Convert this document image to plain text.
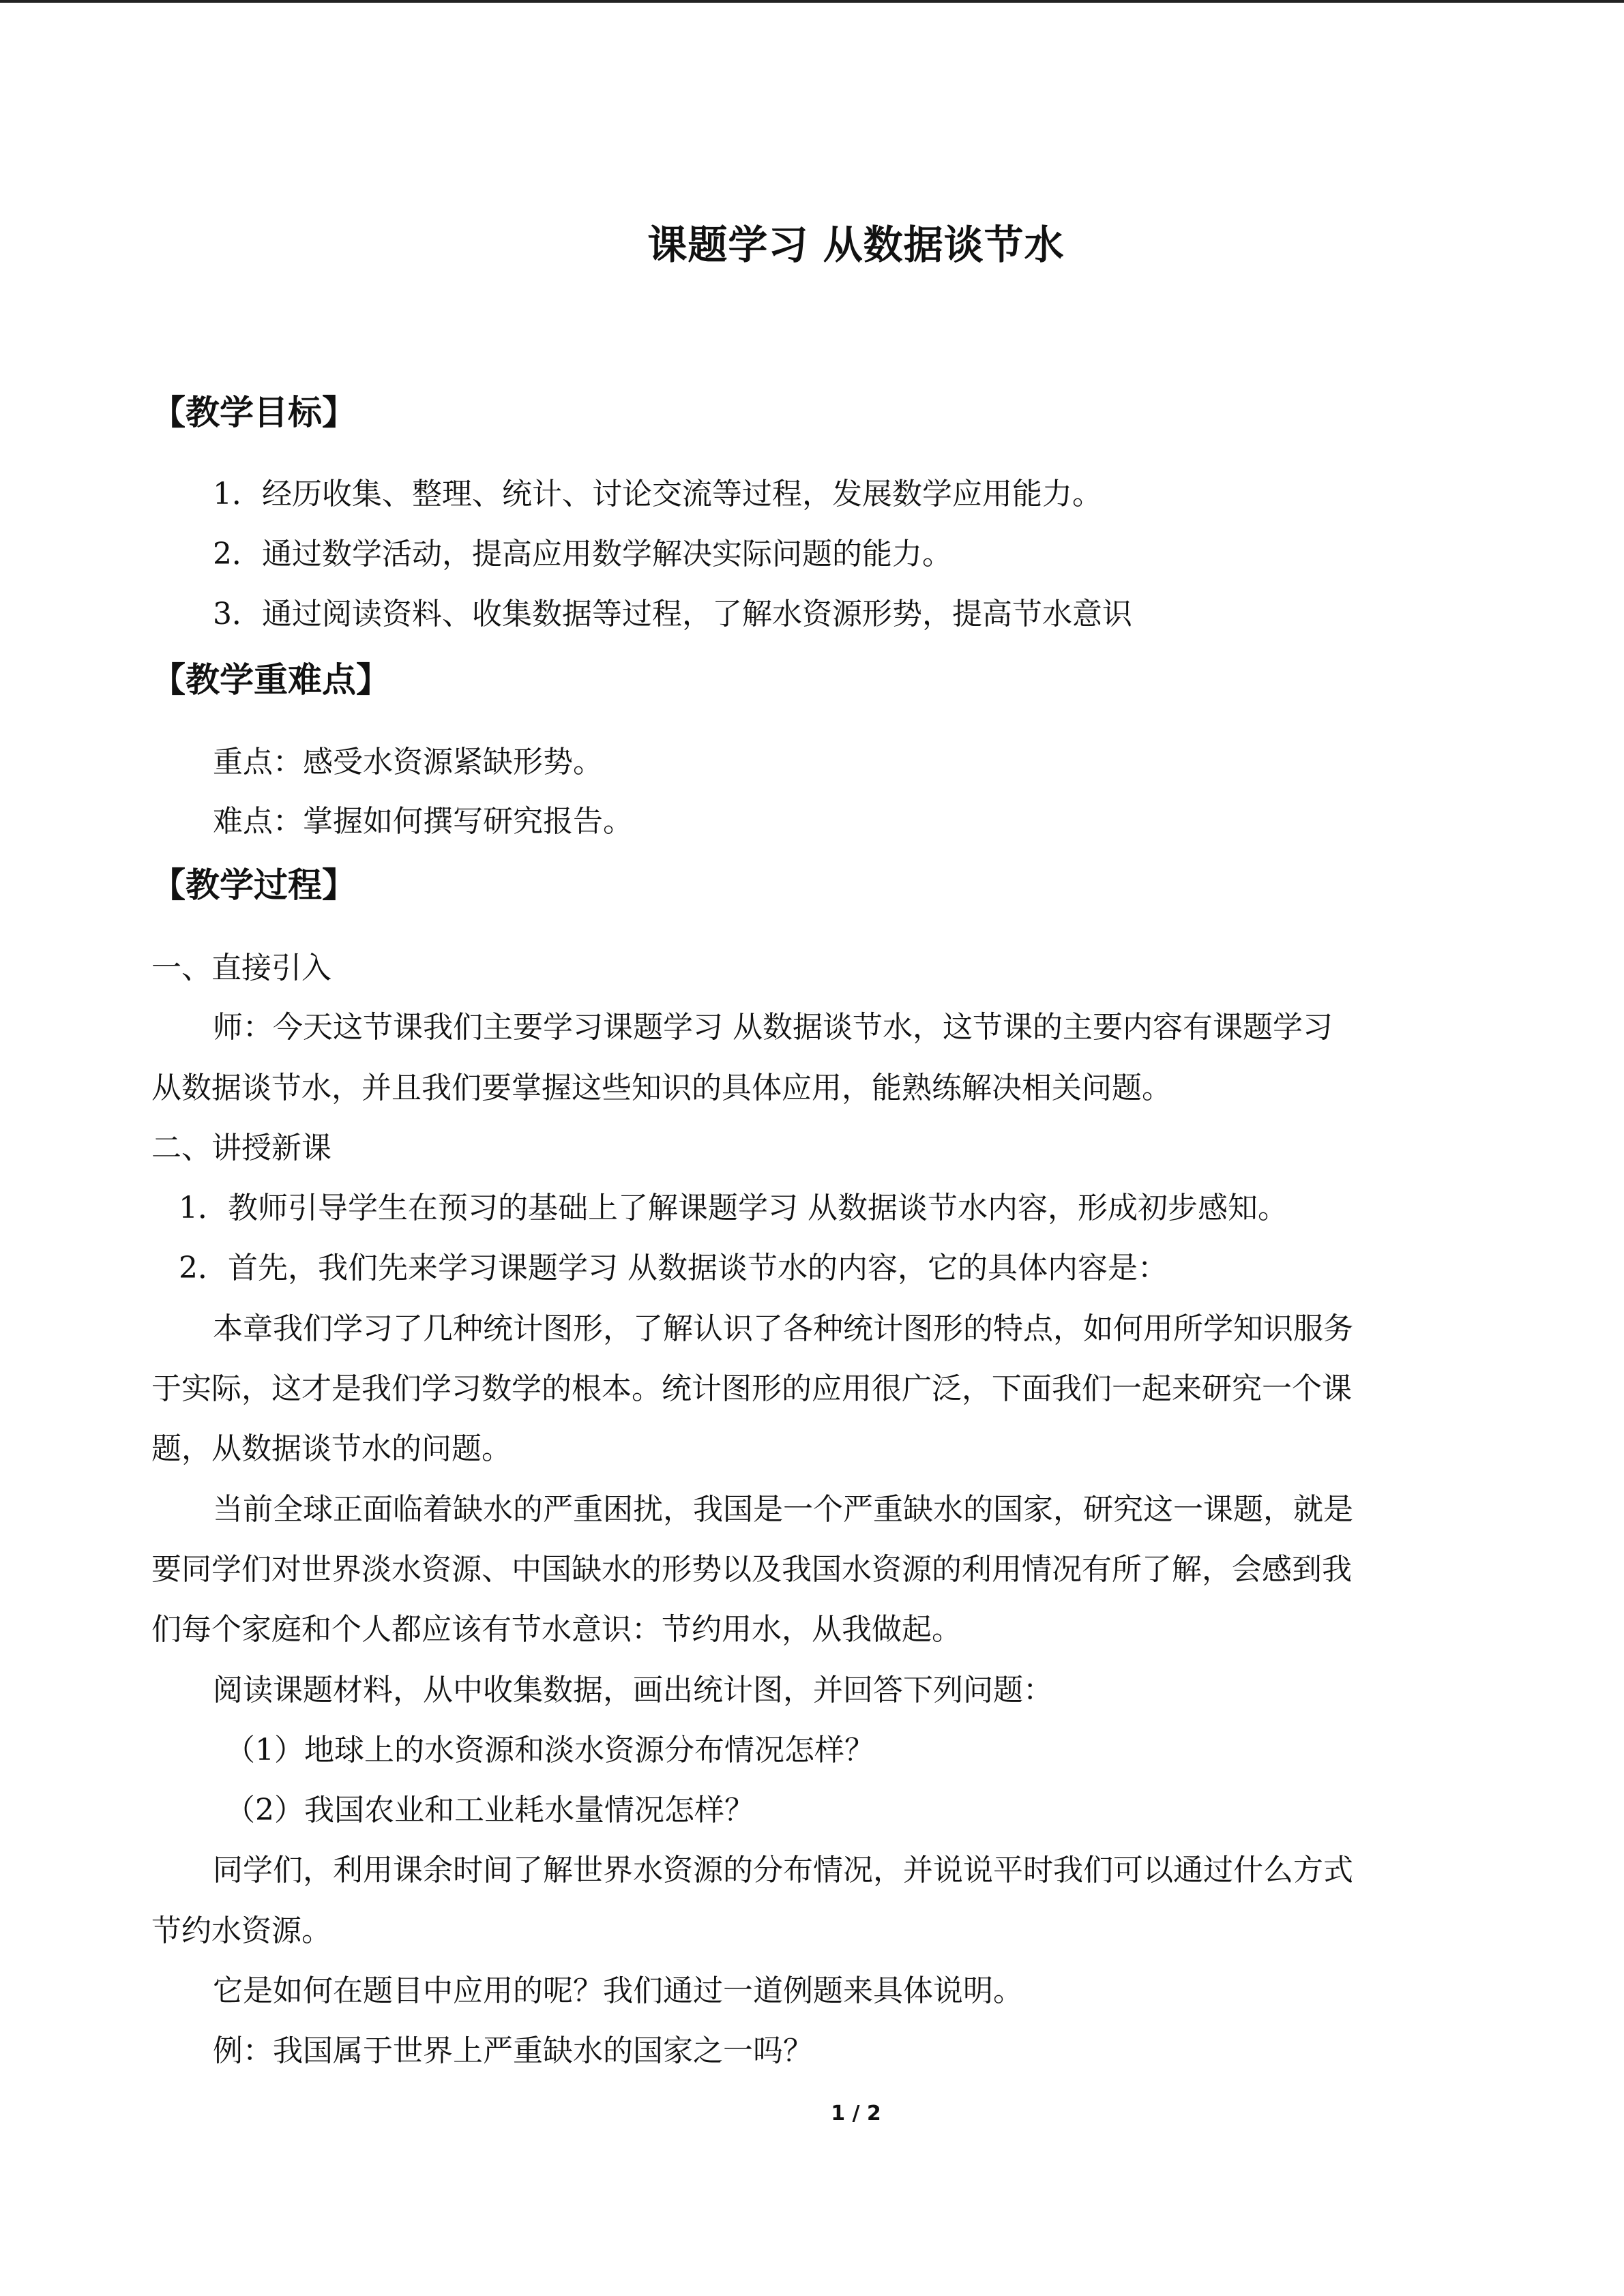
课题学习 从数据谈节水
【教学目标】
1．经历收集、整理、统计、讨论交流等过程，发展数学应用能力。
2．通过数学活动，提高应用数学解决实际问题的能力。
3．通过阅读资料、收集数据等过程，了解水资源形势，提高节水意识
【教学重难点】
重点：感受水资源紧缺形势。
难点：掌握如何撰写研究报告。
【教学过程】
一、直接引入
师：今天这节课我们主要学习课题学习 从数据谈节水，这节课的主要内容有课题学习
从数据谈节水，并且我们要掌握这些知识的具体应用，能熟练解决相关问题。
二、讲授新课
1．教师引导学生在预习的基础上了解课题学习 从数据谈节水内容，形成初步感知。
2．首先，我们先来学习课题学习 从数据谈节水的内容，它的具体内容是：
本章我们学习了几种统计图形，了解认识了各种统计图形的特点，如何用所学知识服务
于实际，这才是我们学习数学的根本。统计图形的应用很广泛，下面我们一起来研究一个课
题，从数据谈节水的问题。
当前全球正面临着缺水的严重困扰，我国是一个严重缺水的国家，研究这一课题，就是
要同学们对世界淡水资源、中国缺水的形势以及我国水资源的利用情况有所了解，会感到我
们每个家庭和个人都应该有节水意识：节约用水，从我做起。
阅读课题材料，从中收集数据，画出统计图，并回答下列问题：
（1）地球上的水资源和淡水资源分布情况怎样？
（2）我国农业和工业耗水量情况怎样？
同学们，利用课余时间了解世界水资源的分布情况，并说说平时我们可以通过什么方式
节约水资源。
它是如何在题目中应用的呢？我们通过一道例题来具体说明。
例：我国属于世界上严重缺水的国家之一吗？
1 / 2
